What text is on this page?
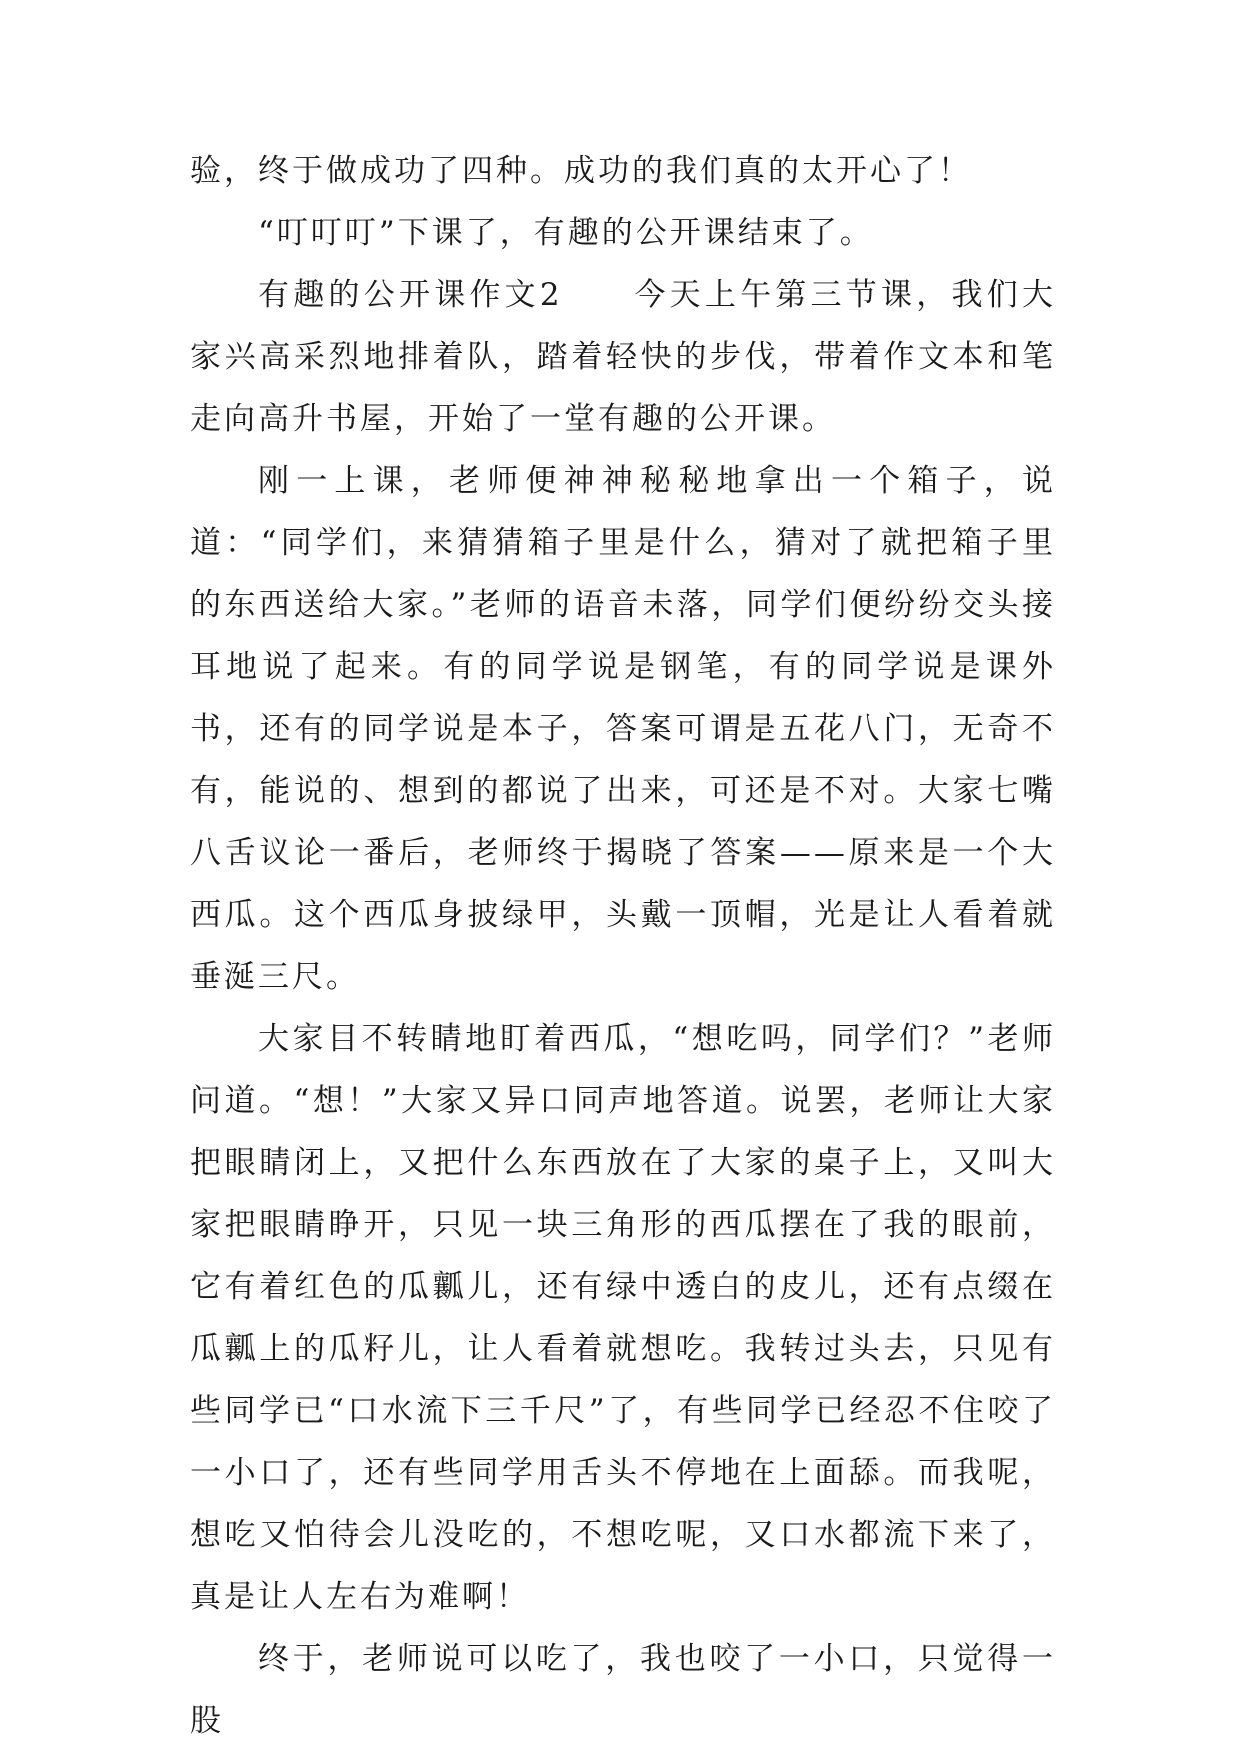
验，终于做成功了四种。成功的我们真的太开心了！

“叮叮叮”下课了，有趣的公开课结束了。

有趣的公开课作文2　　今天上午第三节课，我们大家兴高采烈地排着队，踏着轻快的步伐，带着作文本和笔走向高升书屋，开始了一堂有趣的公开课。

刚一上课，老师便神神秘秘地拿出一个箱子，说道：“同学们，来猜猜箱子里是什么，猜对了就把箱子里的东西送给大家。”老师的语音未落，同学们便纷纷交头接耳地说了起来。有的同学说是钢笔，有的同学说是课外书，还有的同学说是本子，答案可谓是五花八门，无奇不有，能说的、想到的都说了出来，可还是不对。大家七嘴八舌议论一番后，老师终于揭晓了答案——原来是一个大西瓜。这个西瓜身披绿甲，头戴一顶帽，光是让人看着就垂涎三尺。

大家目不转睛地盯着西瓜，“想吃吗，同学们？”老师问道。“想！”大家又异口同声地答道。说罢，老师让大家把眼睛闭上，又把什么东西放在了大家的桌子上，又叫大家把眼睛睁开，只见一块三角形的西瓜摆在了我的眼前，它有着红色的瓜瓤儿，还有绿中透白的皮儿，还有点缀在瓜瓤上的瓜籽儿，让人看着就想吃。我转过头去，只见有些同学已“口水流下三千尺”了，有些同学已经忍不住咬了一小口了，还有些同学用舌头不停地在上面舔。而我呢，想吃又怕待会儿没吃的，不想吃呢，又口水都流下来了，真是让人左右为难啊！

终于，老师说可以吃了，我也咬了一小口，只觉得一股
